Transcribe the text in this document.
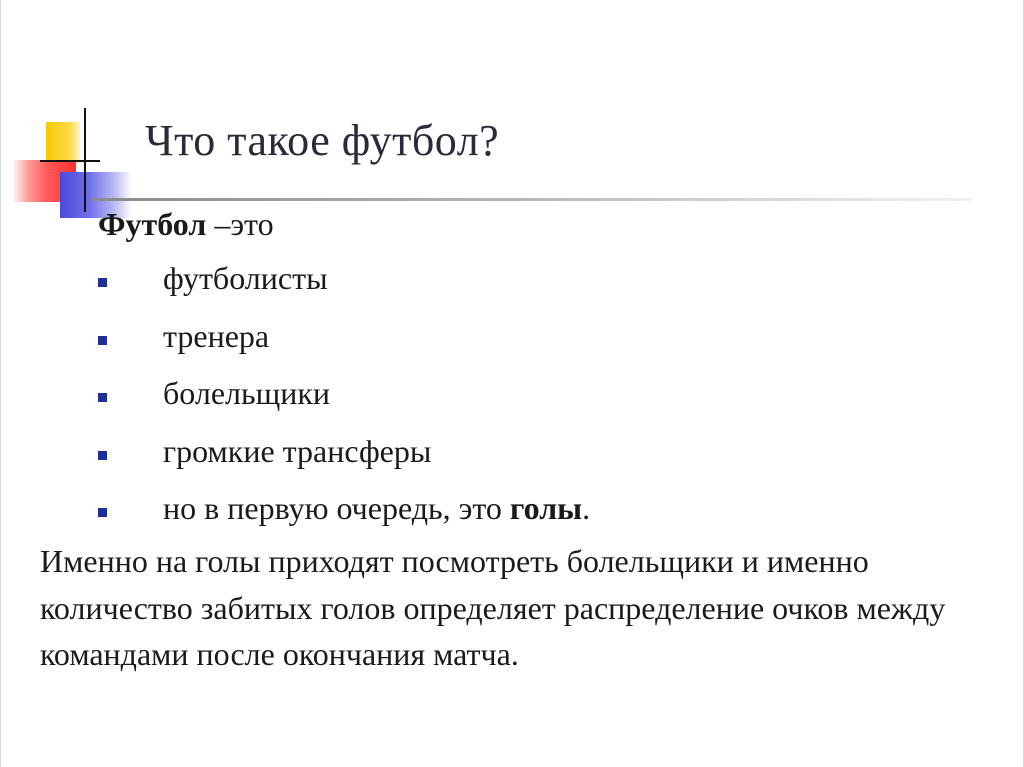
Что такое футбол?
Футбол –это
футболисты
тренера
болельщики
громкие трансферы
но в первую очередь, это голы.
Именно на голы приходят посмотреть болельщики и именно количество забитых голов определяет распределение очков между командами после окончания матча.
